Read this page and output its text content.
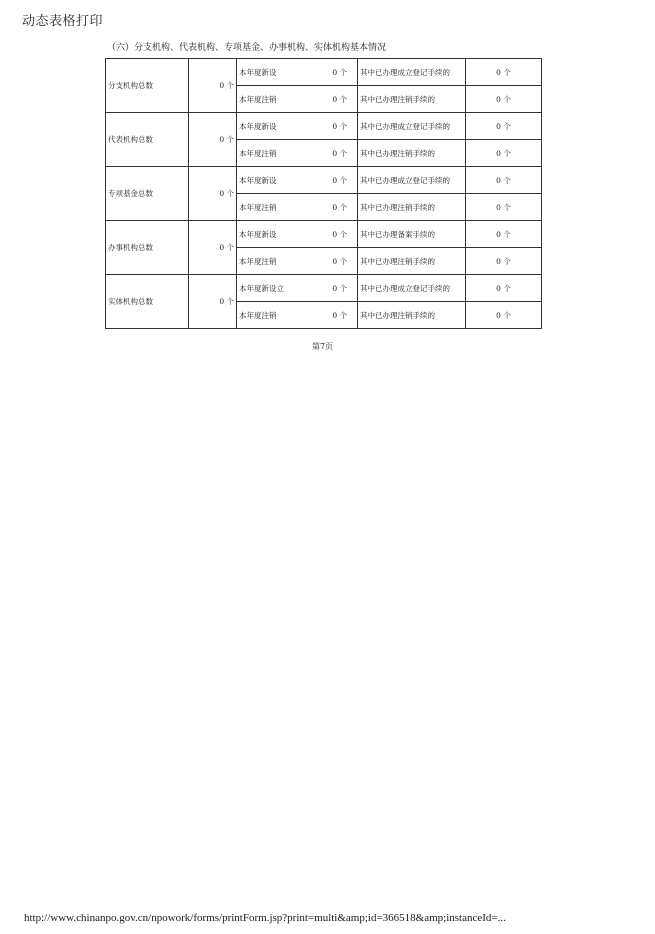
动态表格打印
（六）分支机构、代表机构、专项基金、办事机构、实体机构基本情况
分支机构总数	0 个	本年度新设 0 个	其中已办理成立登记手续的	0 个

		本年度注销 0 个	其中已办理注销手续的	0 个
代表机构总数	0 个	本年度新设 0 个	其中已办理成立登记手续的	0 个

		本年度注销 0 个	其中已办理注销手续的	0 个
专项基金总数	0 个	本年度新设 0 个	其中已办理成立登记手续的	0 个

		本年度注销 0 个	其中已办理注销手续的	0 个
办事机构总数	0 个	本年度新设 0 个	其中已办理备案手续的	0 个

		本年度注销 0 个	其中已办理注销手续的	0 个
实体机构总数	0 个	本年度新设立 0 个	其中已办理成立登记手续的	0 个

		本年度注销 0 个	其中已办理注销手续的	0 个
第7页
http://www.chinanpo.gov.cn/npowork/forms/printForm.jsp?print=multi&amp;id=366518&amp;instanceId=...
